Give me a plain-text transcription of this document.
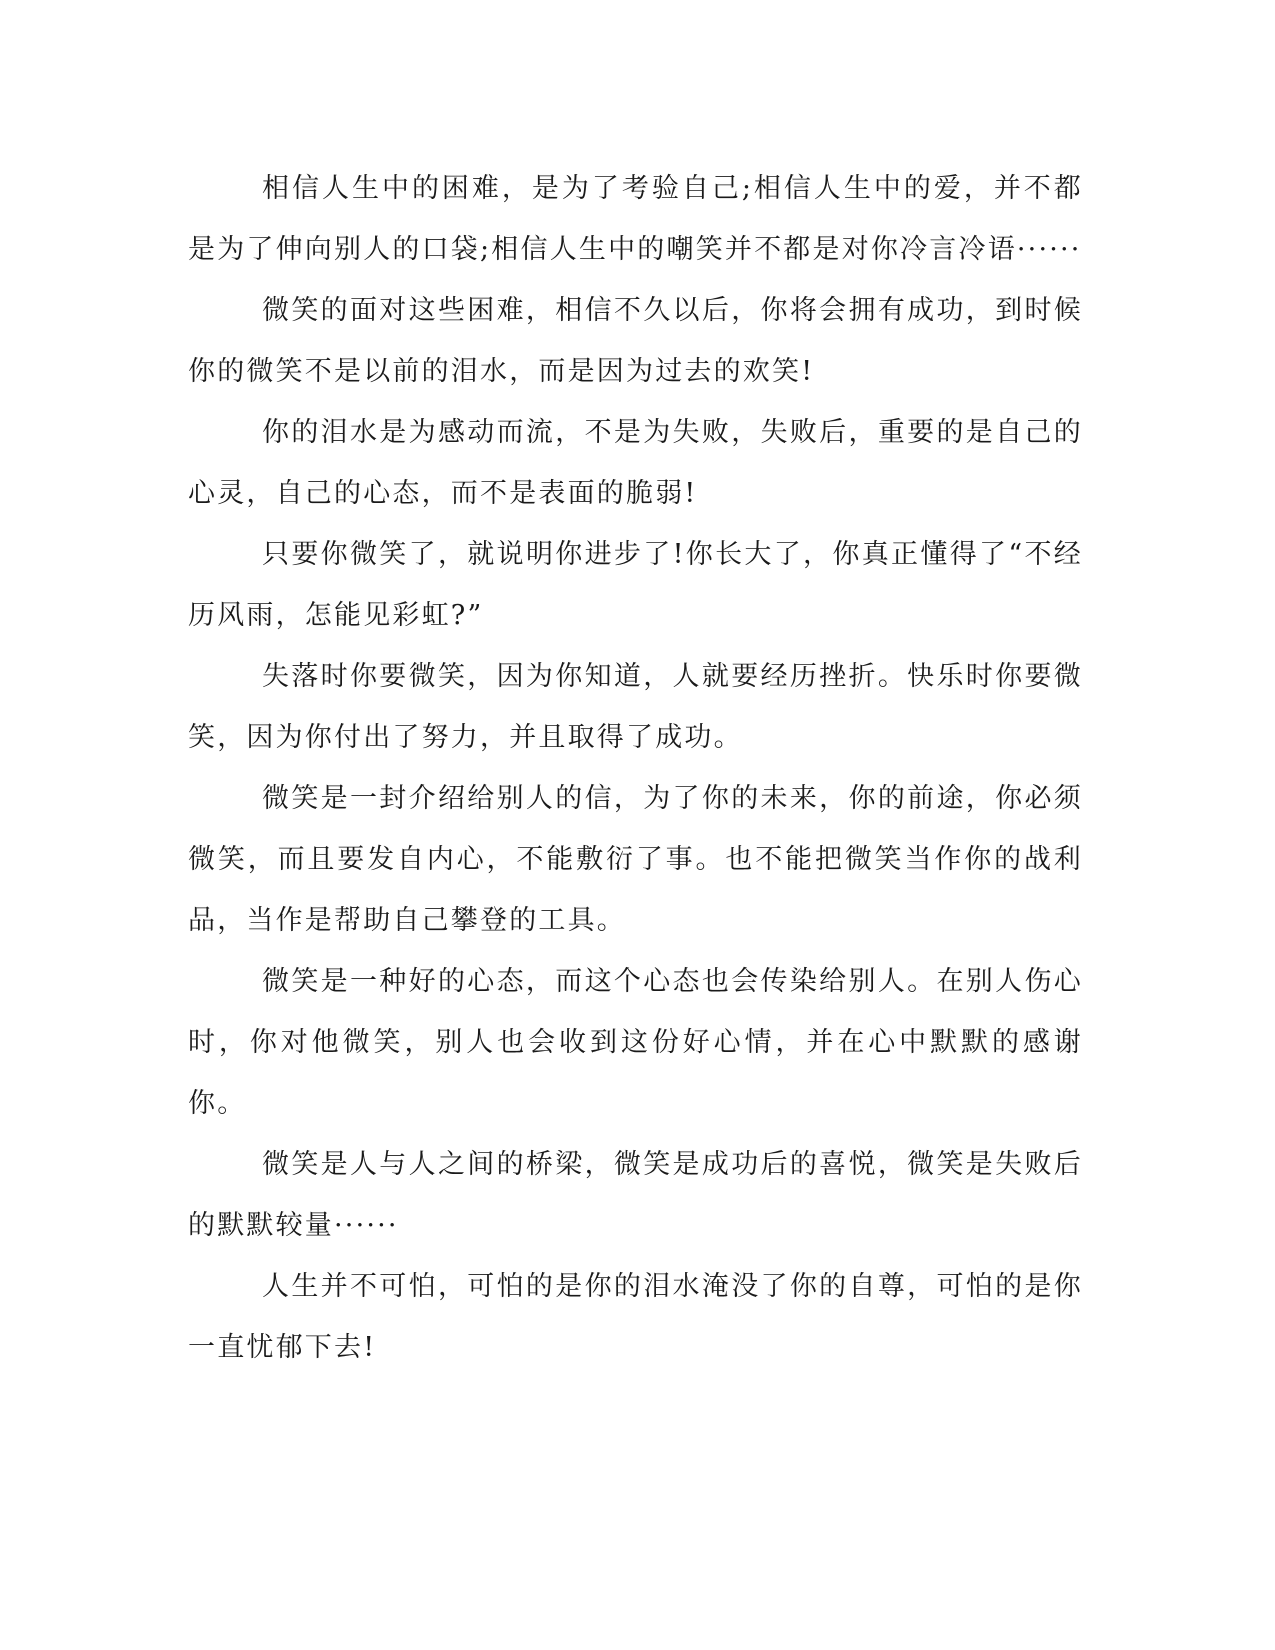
相信人生中的困难，是为了考验自己;相信人生中的爱，并不都是为了伸向别人的口袋;相信人生中的嘲笑并不都是对你冷言冷语······

微笑的面对这些困难，相信不久以后，你将会拥有成功，到时候你的微笑不是以前的泪水，而是因为过去的欢笑!

你的泪水是为感动而流，不是为失败，失败后，重要的是自己的心灵，自己的心态，而不是表面的脆弱!

只要你微笑了，就说明你进步了!你长大了，你真正懂得了“不经历风雨，怎能见彩虹?”

失落时你要微笑，因为你知道，人就要经历挫折。快乐时你要微笑，因为你付出了努力，并且取得了成功。

微笑是一封介绍给别人的信，为了你的未来，你的前途，你必须微笑，而且要发自内心，不能敷衍了事。也不能把微笑当作你的战利品，当作是帮助自己攀登的工具。

微笑是一种好的心态，而这个心态也会传染给别人。在别人伤心时，你对他微笑，别人也会收到这份好心情，并在心中默默的感谢你。

微笑是人与人之间的桥梁，微笑是成功后的喜悦，微笑是失败后的默默较量······

人生并不可怕，可怕的是你的泪水淹没了你的自尊，可怕的是你一直忧郁下去!
